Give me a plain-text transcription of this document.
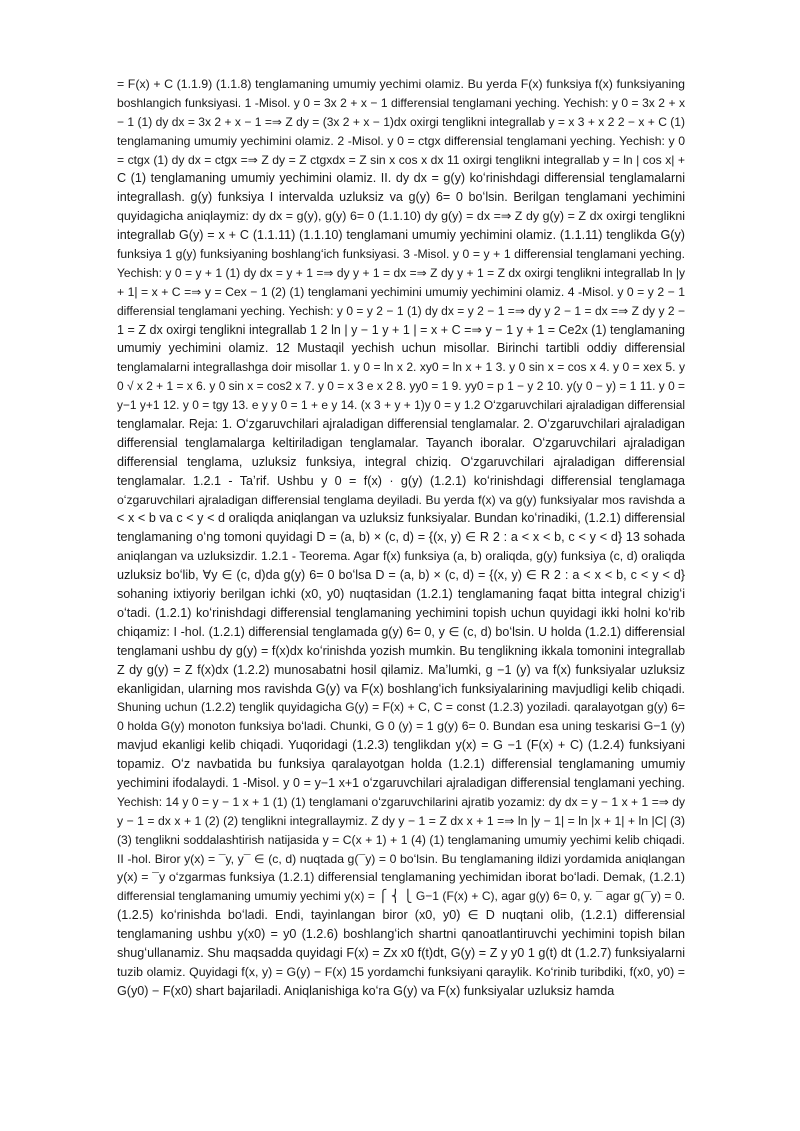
= F(x) + C (1.1.9) (1.1.8) tenglamaning umumiy yechimi olamiz. Bu yerda F(x) funksiya f(x) funksiyaning
boshlangich funksiyasi. 1 -Misol. y 0 = 3x 2 + x − 1 differensial tenglamani yeching. Yechish: y 0 = 3x 2 + x
− 1 (1) dy dx = 3x 2 + x − 1 =⇒ Z dy = (3x 2 + x − 1)dx oxirgi tenglikni integrallab y = x 3 + x 2 2 − x + C (1)
tenglamaning umumiy yechimini olamiz. 2 -Misol. y 0 = ctgx differensial tenglamani yeching. Yechish: y 0
= ctgx (1) dy dx = ctgx =⇒ Z dy = Z ctgxdx = Z sin x cos x dx 11 oxirgi tenglikni integrallab y = ln | cos x| +
C (1) tenglamaning umumiy yechimini olamiz. II. dy dx = g(y) koʻrinishdagi differensial tenglamalarni
integrallash. g(y) funksiya I intervalda uzluksiz va g(y) 6= 0 boʻlsin. Berilgan tenglamani yechimini
quyidagicha aniqlaymiz: dy dx = g(y), g(y) 6= 0 (1.1.10) dy g(y) = dx =⇒ Z dy g(y) = Z dx oxirgi tenglikni
integrallab G(y) = x + C (1.1.11) (1.1.10) tenglamani umumiy yechimini olamiz. (1.1.11) tenglikda G(y)
funksiya 1 g(y) funksiyaning boshlangʻich funksiyasi. 3 -Misol. y 0 = y + 1 differensial tenglamani yeching.
Yechish: y 0 = y + 1 (1) dy dx = y + 1 =⇒ dy y + 1 = dx =⇒ Z dy y + 1 = Z dx oxirgi tenglikni integrallab ln |y
+ 1| = x + C =⇒ y = Cex − 1 (2) (1) tenglamani yechimini umumiy yechimini olamiz. 4 -Misol. y 0 = y 2 − 1
differensial tenglamani yeching. Yechish: y 0 = y 2 − 1 (1) dy dx = y 2 − 1 =⇒ dy y 2 − 1 = dx =⇒ Z dy y 2 −
1 = Z dx oxirgi tenglikni integrallab 1 2 ln | y − 1 y + 1 | = x + C =⇒ y − 1 y + 1 = Ce2x (1) tenglamaning
umumiy yechimini olamiz. 12 Mustaqil yechish uchun misollar. Birinchi tartibli oddiy differensial
tenglamalarni integrallashga doir misollar 1. y 0 = ln x 2. xy0 = ln x + 1 3. y 0 sin x = cos x 4. y 0 = xex 5. y
0 √ x 2 + 1 = x 6. y 0 sin x = cos2 x 7. y 0 = x 3 e x 2 8. yy0 = 1 9. yy0 = p 1 − y 2 10. y(y 0 − y) = 1 11. y 0 =
y−1 y+1 12. y 0 = tgy 13. e y y 0 = 1 + e y 14. (x 3 + y + 1)y 0 = y 1.2 Oʻzgaruvchilari ajraladigan differensial
tenglamalar. Reja: 1. Oʻzgaruvchilari ajraladigan differensial tenglamalar. 2. Oʻzgaruvchilari ajraladigan
differensial tenglamalarga keltiriladigan tenglamalar. Tayanch iboralar. Oʻzgaruvchilari ajraladigan
differensial tenglama, uzluksiz funksiya, integral chiziq. Oʻzgaruvchilari ajraladigan differensial
tenglamalar. 1.2.1 - Taʼrif. Ushbu y 0 = f(x) · g(y) (1.2.1) koʻrinishdagi differensial tenglamaga
oʻzgaruvchilari ajraladigan differensial tenglama deyiladi. Bu yerda f(x) va g(y) funksiyalar mos ravishda a
< x < b va c < y < d oraliqda aniqlangan va uzluksiz funksiyalar. Bundan koʻrinadiki, (1.2.1) differensial
tenglamaning oʻng tomoni quyidagi D = (a, b) × (c, d) = {(x, y) ∈ R 2 : a < x < b, c < y < d} 13 sohada
aniqlangan va uzluksizdir. 1.2.1 - Teorema. Agar f(x) funksiya (a, b) oraliqda, g(y) funksiya (c, d) oraliqda
uzluksiz boʻlib, ∀y ∈ (c, d)da g(y) 6= 0 boʻlsa D = (a, b) × (c, d) = {(x, y) ∈ R 2 : a < x < b, c < y < d}
sohaning ixtiyoriy berilgan ichki (x0, y0) nuqtasidan (1.2.1) tenglamaning faqat bitta integral chizigʻi
oʻtadi. (1.2.1) koʻrinishdagi differensial tenglamaning yechimini topish uchun quyidagi ikki holni koʻrib
chiqamiz: I -hol. (1.2.1) differensial tenglamada g(y) 6= 0, y ∈ (c, d) boʻlsin. U holda (1.2.1) differensial
tenglamani ushbu dy g(y) = f(x)dx koʻrinishda yozish mumkin. Bu tenglikning ikkala tomonini integrallab
Z dy g(y) = Z f(x)dx (1.2.2) munosabatni hosil qilamiz. Maʼlumki, g −1 (y) va f(x) funksiyalar uzluksiz
ekanligidan, ularning mos ravishda G(y) va F(x) boshlangʻich funksiyalarining mavjudligi kelib chiqadi.
Shuning uchun (1.2.2) tenglik quyidagicha G(y) = F(x) + C, C = const (1.2.3) yoziladi. qaralayotgan g(y) 6=
0 holda G(y) monoton funksiya boʻladi. Chunki, G 0 (y) = 1 g(y) 6= 0. Bundan esa uning teskarisi G−1 (y)
mavjud ekanligi kelib chiqadi. Yuqoridagi (1.2.3) tenglikdan y(x) = G −1 (F(x) + C) (1.2.4) funksiyani
topamiz. Oʻz navbatida bu funksiya qaralayotgan holda (1.2.1) differensial tenglamaning umumiy
yechimini ifodalaydi. 1 -Misol. y 0 = y−1 x+1 oʻzgaruvchilari ajraladigan differensial tenglamani yeching.
Yechish: 14 y 0 = y − 1 x + 1 (1) (1) tenglamani oʻzgaruvchilarini ajratib yozamiz: dy dx = y − 1 x + 1 =⇒ dy
y − 1 = dx x + 1 (2) (2) tenglikni integrallaymiz. Z dy y − 1 = Z dx x + 1 =⇒ ln |y − 1| = ln |x + 1| + ln |C| (3)
(3) tenglikni soddalashtirish natijasida y = C(x + 1) + 1 (4) (1) tenglamaning umumiy yechimi kelib chiqadi.
II -hol. Biror y(x) = ¯y, y¯ ∈ (c, d) nuqtada g(¯y) = 0 boʻlsin. Bu tenglamaning ildizi yordamida aniqlangan
y(x) = ¯y oʻzgarmas funksiya (1.2.1) differensial tenglamaning yechimidan iborat boʻladi. Demak, (1.2.1)
differensial tenglamaning umumiy yechimi y(x) = ⎧ ⎨ ⎩ G−1 (F(x) + C), agar g(y) 6= 0, y. ¯ agar g(¯y) = 0.
(1.2.5) koʻrinishda boʻladi. Endi, tayinlangan biror (x0, y0) ∈ D nuqtani olib, (1.2.1) differensial
tenglamaning ushbu y(x0) = y0 (1.2.6) boshlangʻich shartni qanoatlantiruvchi yechimini topish bilan
shugʻullanamiz. Shu maqsadda quyidagi F(x) = Zx x0 f(t)dt, G(y) = Z y y0 1 g(t) dt (1.2.7) funksiyalarni
tuzib olamiz. Quyidagi f(x, y) = G(y) − F(x) 15 yordamchi funksiyani qaraylik. Koʻrinib turibdiki, f(x0, y0) =
G(y0) − F(x0) shart bajariladi. Aniqlanishiga koʻra G(y) va F(x) funksiyalar uzluksiz hamda
